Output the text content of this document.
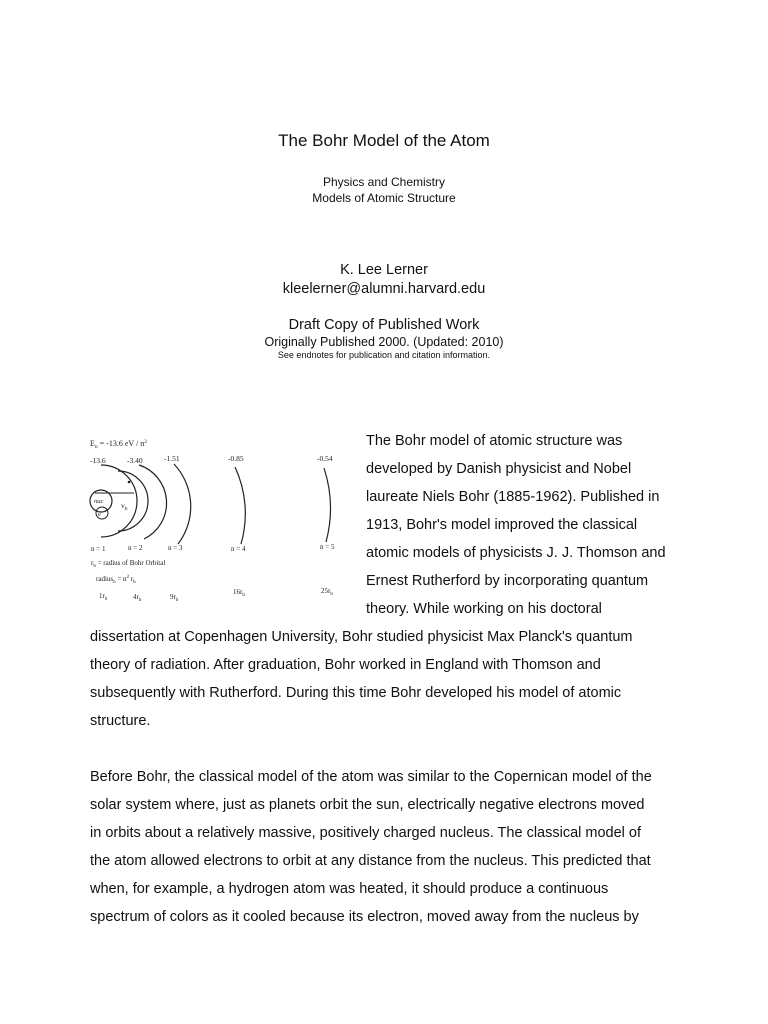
The Bohr Model of the Atom
Physics and Chemistry
Models of Atomic Structure
K. Lee Lerner
kleelerner@alumni.harvard.edu
Draft Copy of Published Work
Originally Published 2000. (Updated: 2010)
See endnotes for publication and citation information.
$E_n = -13.6$ eV / $n^2$
-13.6	-3.40	-1.51	-0.85	-0.54
nuc
e
$v_b$
n = 1	n = 2	n = 3	n = 4	n = 5
$r_b$ = radius of Bohr Orbital
radius$_n$ = $n^2$ $r_b$
$1r_b$	$4r_b$	$9r_b$
$16r_b$
$25r_b$
The Bohr model of atomic structure was
developed by Danish physicist and Nobel
laureate Niels Bohr (1885-1962). Published in
1913, Bohr's model improved the classical
atomic models of physicists J. J. Thomson and
Ernest Rutherford by incorporating quantum
theory. While working on his doctoral
dissertation at Copenhagen University, Bohr studied physicist Max Planck's quantum
theory of radiation. After graduation, Bohr worked in England with Thomson and
subsequently with Rutherford. During this time Bohr developed his model of atomic
structure.
Before Bohr, the classical model of the atom was similar to the Copernican model of the
solar system where, just as planets orbit the sun, electrically negative electrons moved
in orbits about a relatively massive, positively charged nucleus. The classical model of
the atom allowed electrons to orbit at any distance from the nucleus. This predicted that
when, for example, a hydrogen atom was heated, it should produce a continuous
spectrum of colors as it cooled because its electron, moved away from the nucleus by
